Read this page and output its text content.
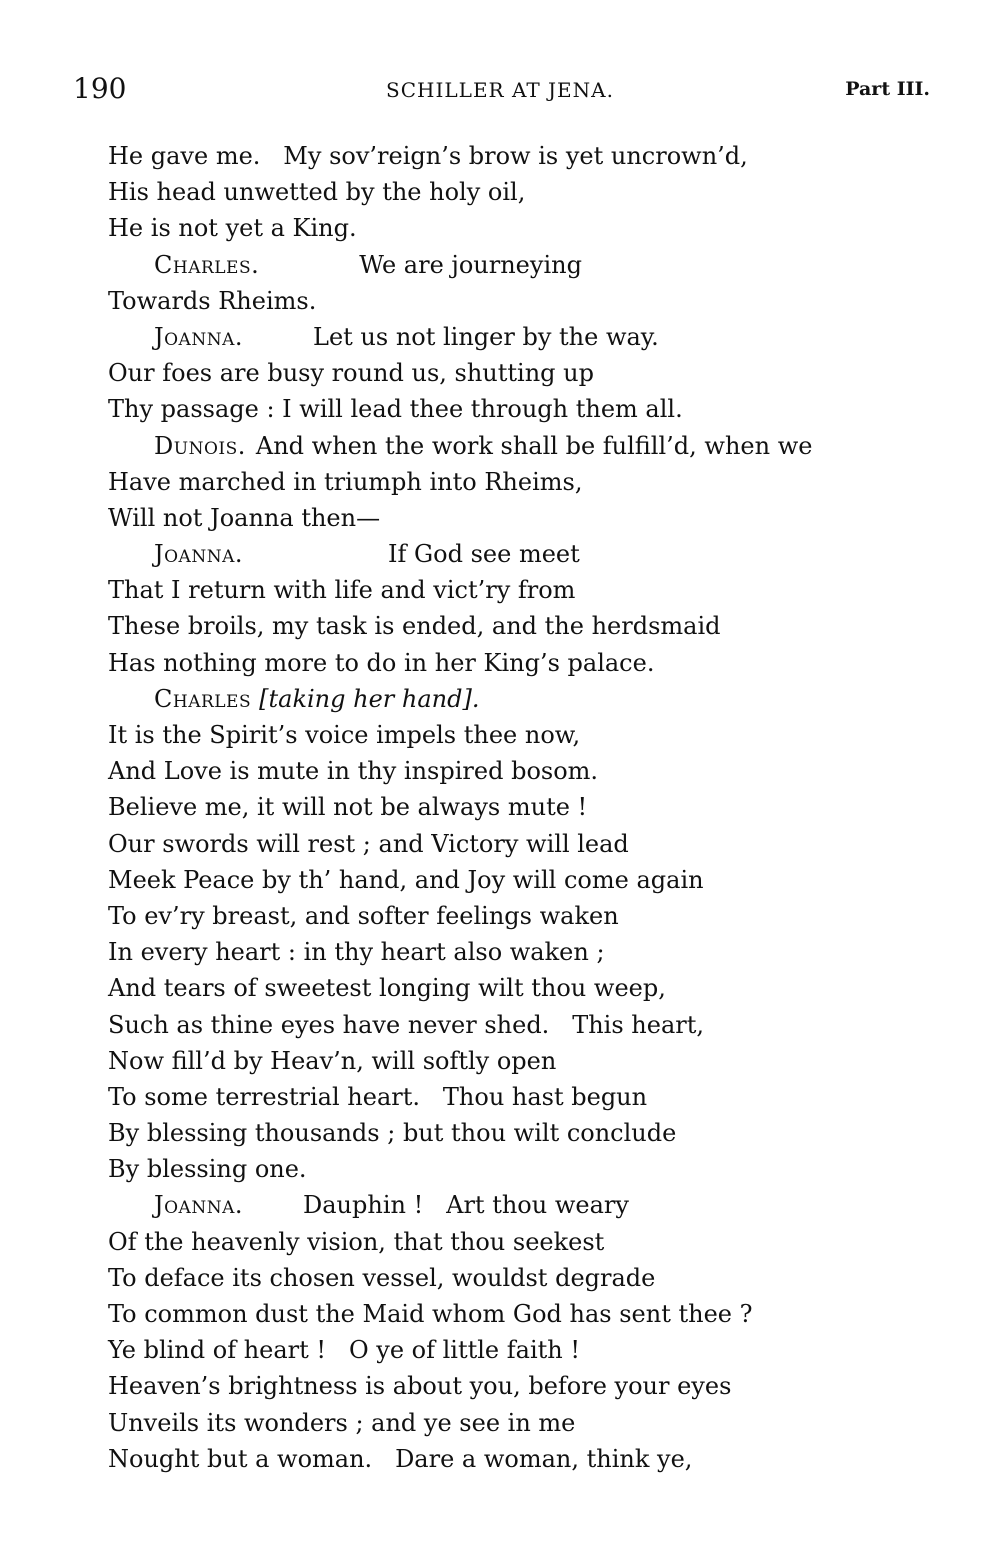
190	SCHILLER AT JENA.	Part III.
He gave me.   My sov’reign’s brow is yet uncrown’d,
His head unwetted by the holy oil,
He is not yet a King.
Charles.	We are journeying
Towards Rheims.
Joanna.	Let us not linger by the way.
Our foes are busy round us, shutting up
Thy passage : I will lead thee through them all.
Dunois. And when the work shall be fulfill’d, when we
Have marched in triumph into Rheims,
Will not Joanna then—
Joanna.	If God see meet
That I return with life and vict’ry from
These broils, my task is ended, and the herdsmaid
Has nothing more to do in her King’s palace.
Charles [taking her hand].
It is the Spirit’s voice impels thee now,
And Love is mute in thy inspired bosom.
Believe me, it will not be always mute !
Our swords will rest ; and Victory will lead
Meek Peace by th’ hand, and Joy will come again
To ev’ry breast, and softer feelings waken
In every heart : in thy heart also waken ;
And tears of sweetest longing wilt thou weep,
Such as thine eyes have never shed.   This heart,
Now fill’d by Heav’n, will softly open
To some terrestrial heart.   Thou hast begun
By blessing thousands ; but thou wilt conclude
By blessing one.
Joanna.	Dauphin !   Art thou weary
Of the heavenly vision, that thou seekest
To deface its chosen vessel, wouldst degrade
To common dust the Maid whom God has sent thee ?
Ye blind of heart !   O ye of little faith !
Heaven’s brightness is about you, before your eyes
Unveils its wonders ; and ye see in me
Nought but a woman.   Dare a woman, think ye,
